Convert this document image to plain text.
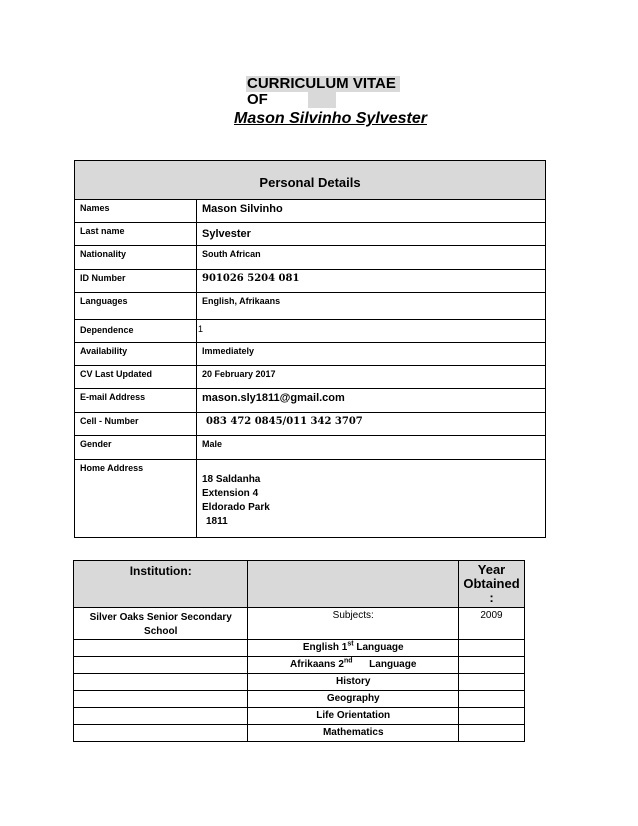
CURRICULUM VITAE
OF
Mason Silvinho Sylvester
Personal Details
Names	Mason Silvinho
Last name	Sylvester
Nationality	South African
ID Number	901026 5204 081
Languages	English, Afrikaans
Dependence	1
Availability	Immediately
CV Last Updated	20 February 2017
E-mail Address	mason.sly1811@gmail.com
Cell - Number	083 472 0845/011 342 3707
Gender	Male
Home Address
18 Saldanha
Extension 4
Eldorado Park
1811
Institution:		Year
Obtained
:
Silver Oaks Senior Secondary School	Subjects:	2009
	English 1st Language	
	Afrikaans 2nd      Language	
	History	
	Geography	
	Life Orientation	
	Mathematics	
